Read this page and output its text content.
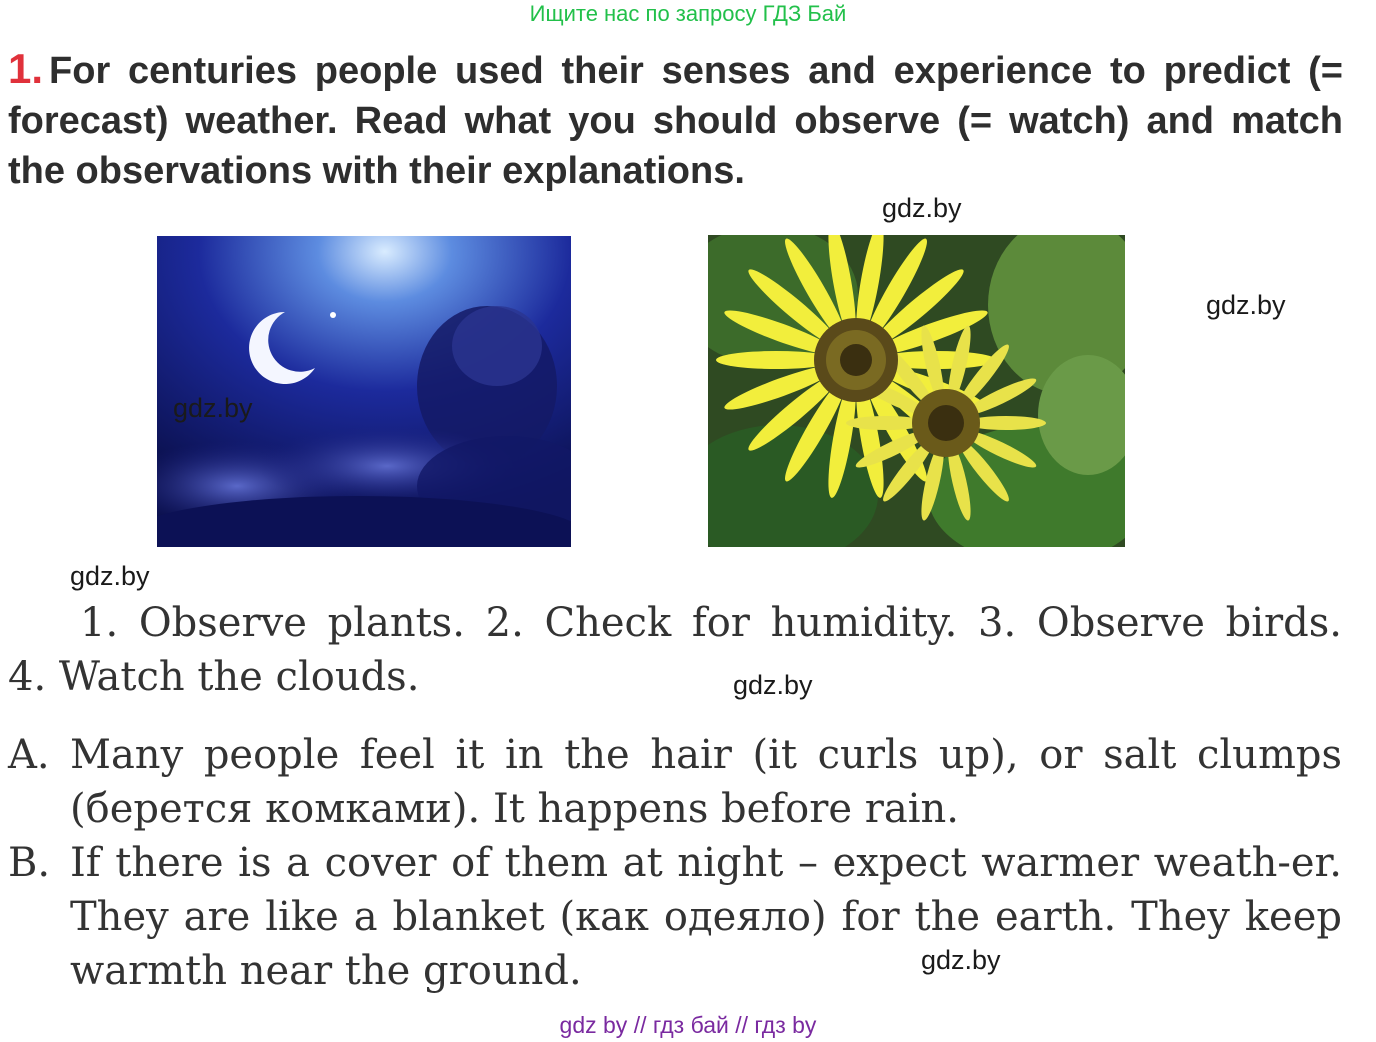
Ищите нас по запросу ГДЗ Бай
1. For centuries people used their senses and experience to predict (= forecast) weather. Read what you should observe (= watch) and match the observations with their explanations.
gdz.by
gdz.by
gdz.by
gdz.by

1. Observe plants. 2. Check for humidity. 3. Observe birds.

4. Watch the clouds.	gdz.by
A. Many people feel it in the hair (it curls up), or salt clumps (берется комками). It happens before rain.
B. If there is a cover of them at night – expect warmer weath-er. They are like a blanket (как одеяло) for the earth. They keep warmth near the ground.	gdz.by
gdz by // гдз бай // гдз by
